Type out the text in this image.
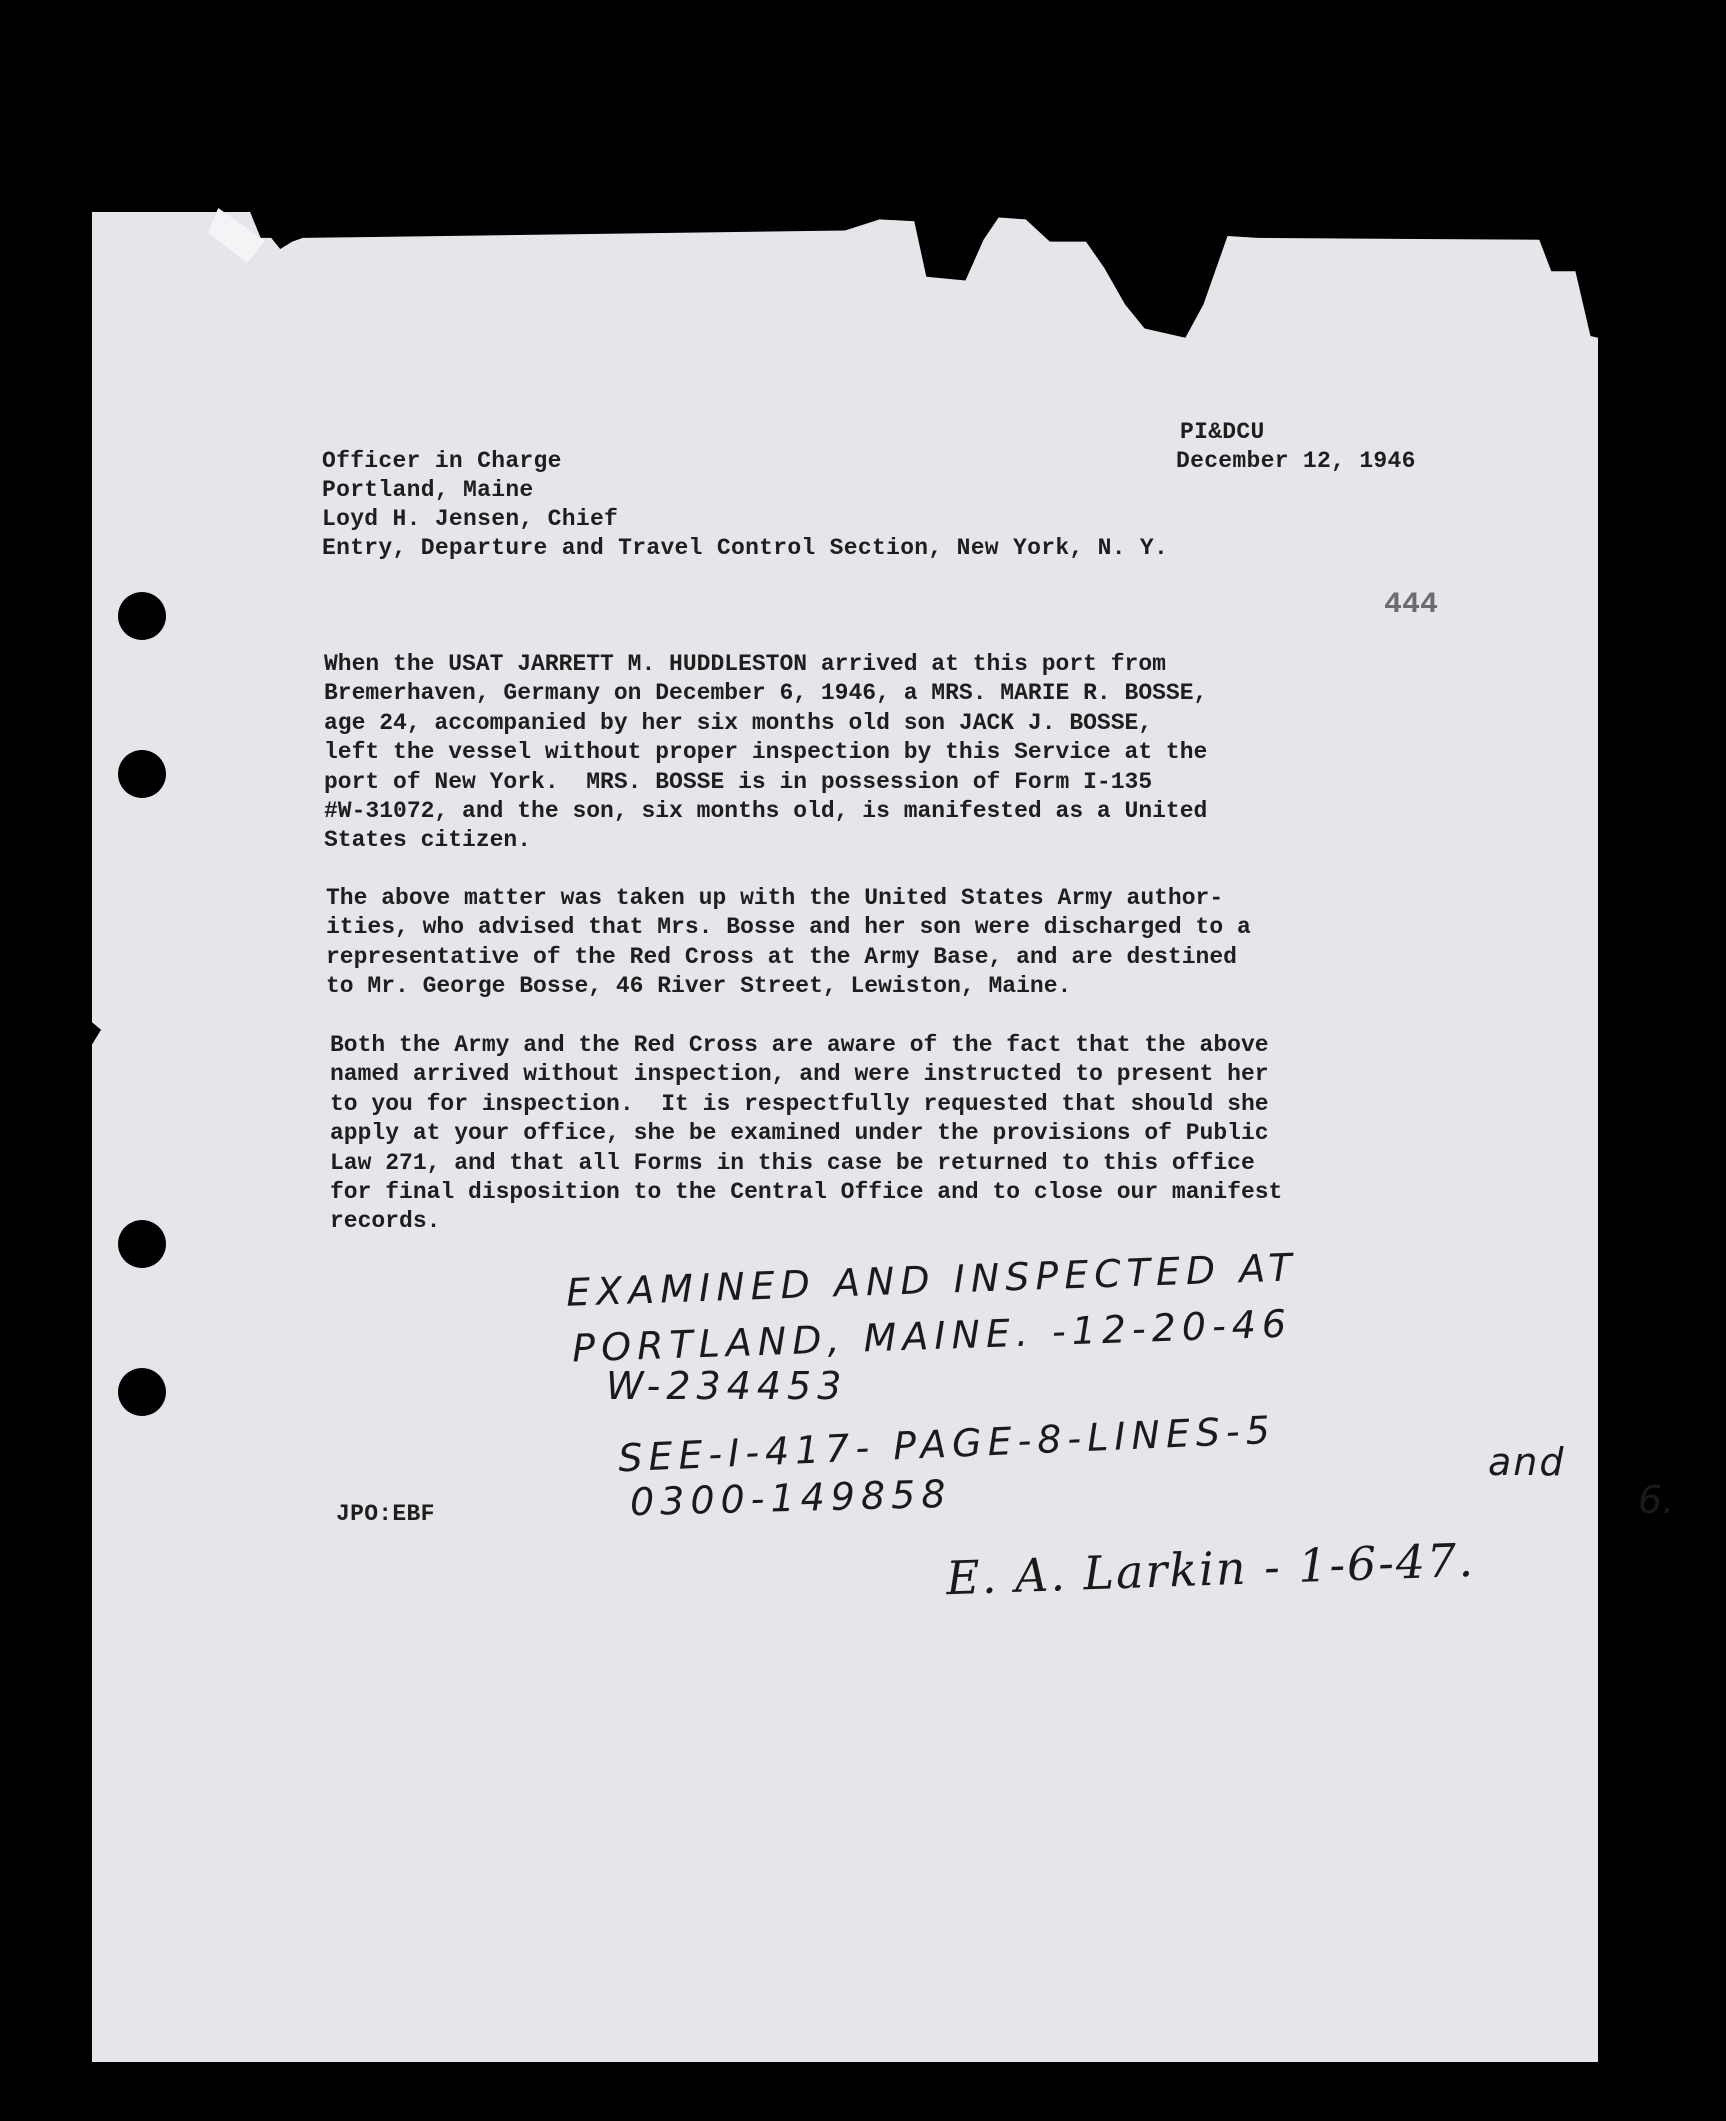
PI&DCU
December 12, 1946
Officer in Charge
Portland, Maine
Loyd H. Jensen, Chief
Entry, Departure and Travel Control Section, New York, N. Y.
444
When the USAT JARRETT M. HUDDLESTON arrived at this port from
Bremerhaven, Germany on December 6, 1946, a MRS. MARIE R. BOSSE,
age 24, accompanied by her six months old son JACK J. BOSSE,
left the vessel without proper inspection by this Service at the
port of New York.  MRS. BOSSE is in possession of Form I-135
#W-31072, and the son, six months old, is manifested as a United
States citizen.
The above matter was taken up with the United States Army author-
ities, who advised that Mrs. Bosse and her son were discharged to a
representative of the Red Cross at the Army Base, and are destined
to Mr. George Bosse, 46 River Street, Lewiston, Maine.
Both the Army and the Red Cross are aware of the fact that the above
named arrived without inspection, and were instructed to present her
to you for inspection.  It is respectfully requested that should she
apply at your office, she be examined under the provisions of Public
Law 271, and that all Forms in this case be returned to this office
for final disposition to the Central Office and to close our manifest
records.
JPO:EBF
EXAMINED AND INSPECTED AT
PORTLAND, MAINE. -12-20-46
W-234453
SEE-I-417- PAGE-8-LINES-5	and
6.
0300-149858
E. A. Larkin - 1-6-47.
